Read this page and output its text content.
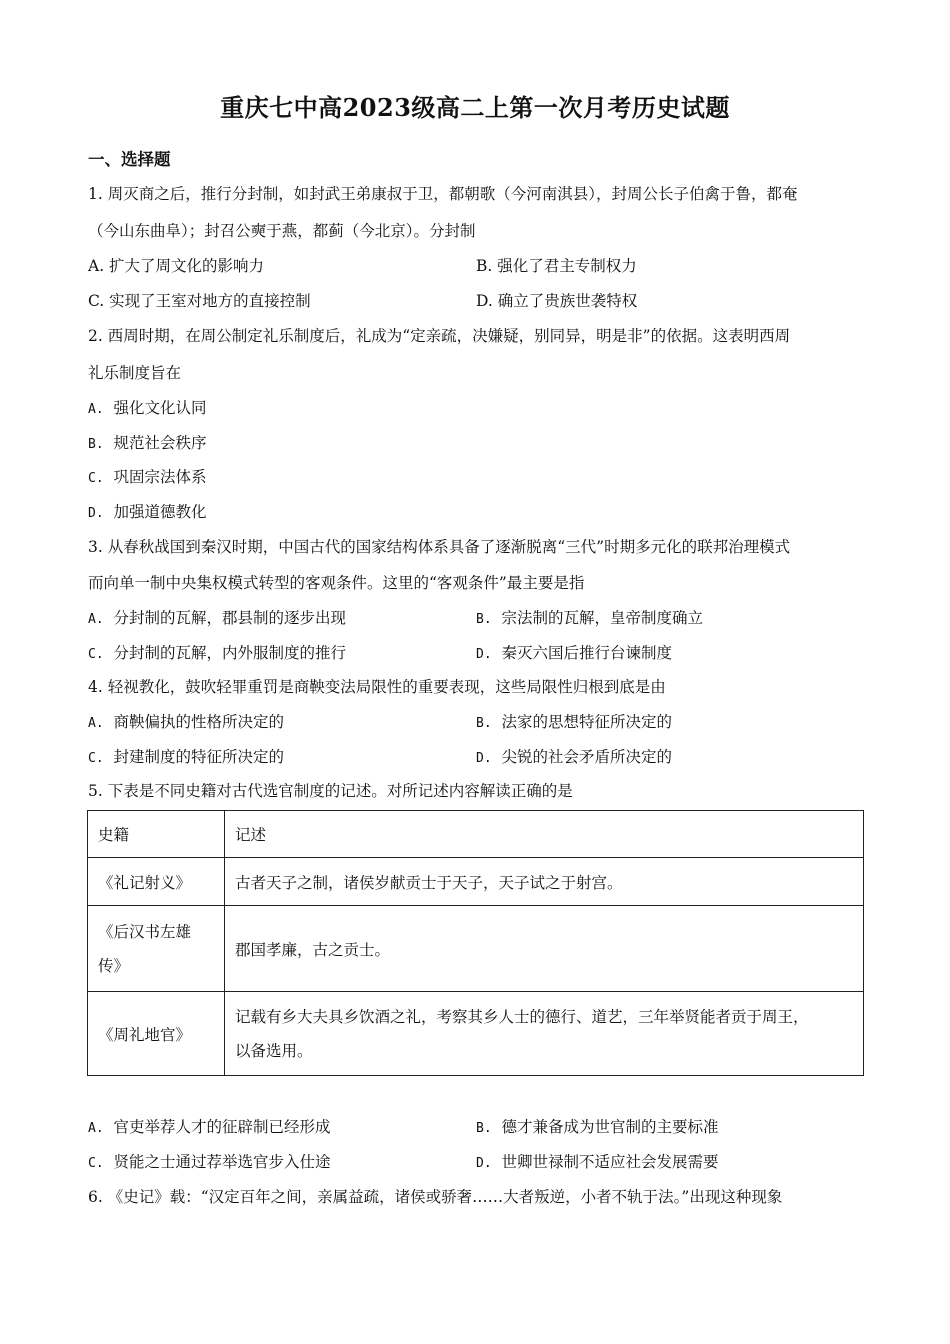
重庆七中高2023级高二上第一次月考历史试题
一、选择题
1. 周灭商之后，推行分封制，如封武王弟康叔于卫，都朝歌（今河南淇县），封周公长子伯禽于鲁，都奄
（今山东曲阜）；封召公奭于燕，都蓟（今北京）。分封制
A. 扩大了周文化的影响力	B. 强化了君主专制权力
C. 实现了王室对地方的直接控制	D. 确立了贵族世袭特权
2. 西周时期，在周公制定礼乐制度后，礼成为“定亲疏，决嫌疑，别同异，明是非”的依据。这表明西周
礼乐制度旨在
A. 强化文化认同
B. 规范社会秩序
C. 巩固宗法体系
D. 加强道德教化
3. 从春秋战国到秦汉时期，中国古代的国家结构体系具备了逐渐脱离“三代”时期多元化的联邦治理模式
而向单一制中央集权模式转型的客观条件。这里的“客观条件”最主要是指
A. 分封制的瓦解，郡县制的逐步出现	B. 宗法制的瓦解，皇帝制度确立
C. 分封制的瓦解，内外服制度的推行	D. 秦灭六国后推行台谏制度
4. 轻视教化，鼓吹轻罪重罚是商鞅变法局限性的重要表现，这些局限性归根到底是由
A. 商鞅偏执的性格所决定的	B. 法家的思想特征所决定的
C. 封建制度的特征所决定的	D. 尖锐的社会矛盾所决定的
5. 下表是不同史籍对古代选官制度的记述。对所记述内容解读正确的是
史籍	记述
《礼记射义》	古者天子之制，诸侯岁献贡士于天子，天子试之于射宫。

《后汉书左雄
传》	郡国孝廉，古之贡士。
《周礼地官》	记载有乡大夫具乡饮酒之礼，考察其乡人士的德行、道艺，三年举贤能者贡于周王，
以备选用。
A. 官吏举荐人才的征辟制已经形成	B. 德才兼备成为世官制的主要标准
C. 贤能之士通过荐举选官步入仕途	D. 世卿世禄制不适应社会发展需要
6. 《史记》载：“汉定百年之间，亲属益疏，诸侯或骄奢……大者叛逆，小者不轨于法。”出现这种现象
